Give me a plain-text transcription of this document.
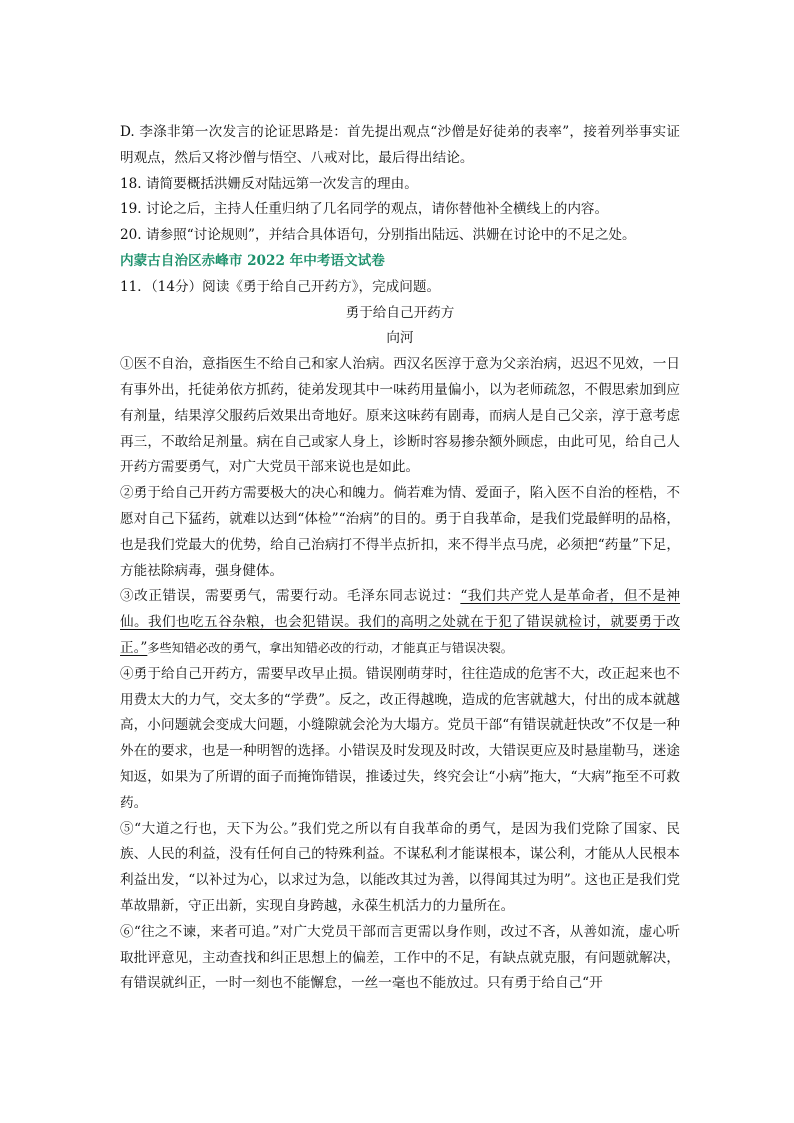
D. 李涤非第一次发言的论证思路是：首先提出观点“沙僧是好徒弟的表率”，接着列举事实证明观点，然后又将沙僧与悟空、八戒对比，最后得出结论。

18. 请简要概括洪姗反对陆远第一次发言的理由。

19. 讨论之后，主持人任重归纳了几名同学的观点，请你替他补全横线上的内容。

20. 请参照“讨论规则”，并结合具体语句，分别指出陆远、洪姗在讨论中的不足之处。

内蒙古自治区赤峰市 2022 年中考语文试卷

11．（14分）阅读《勇于给自己开药方》，完成问题。

勇于给自己开药方

向河

①医不自治，意指医生不给自己和家人治病。西汉名医淳于意为父亲治病，迟迟不见效，一日有事外出，托徒弟依方抓药，徒弟发现其中一味药用量偏小，以为老师疏忽，不假思索加到应有剂量，结果淳父服药后效果出奇地好。原来这味药有剧毒，而病人是自己父亲，淳于意考虑再三，不敢给足剂量。病在自己或家人身上，诊断时容易掺杂额外顾虑，由此可见，给自己人开药方需要勇气，对广大党员干部来说也是如此。

②勇于给自己开药方需要极大的决心和魄力。倘若难为情、爱面子，陷入医不自治的桎梏，不愿对自己下猛药，就难以达到“体检”“治病”的目的。勇于自我革命，是我们党最鲜明的品格，也是我们党最大的优势，给自己治病打不得半点折扣，来不得半点马虎，必须把“药量”下足，方能祛除病毒，强身健体。

③改正错误，需要勇气，需要行动。毛泽东同志说过：“我们共产党人是革命者，但不是神仙。我们也吃五谷杂粮，也会犯错误。我们的高明之处就在于犯了错误就检讨，就要勇于改正。”多些知错必改的勇气，拿出知错必改的行动，才能真正与错误决裂。

④勇于给自己开药方，需要早改早止损。错误刚萌芽时，往往造成的危害不大，改正起来也不用费太大的力气，交太多的“学费”。反之，改正得越晚，造成的危害就越大，付出的成本就越高，小问题就会变成大问题，小缝隙就会沦为大塌方。党员干部“有错误就赶快改”不仅是一种外在的要求，也是一种明智的选择。小错误及时发现及时改，大错误更应及时悬崖勒马，迷途知返，如果为了所谓的面子而掩饰错误，推诿过失，终究会让“小病”拖大，“大病”拖至不可救药。

⑤“大道之行也，天下为公。”我们党之所以有自我革命的勇气，是因为我们党除了国家、民族、人民的利益，没有任何自己的特殊利益。不谋私利才能谋根本，谋公利，才能从人民根本利益出发，“以补过为心，以求过为急，以能改其过为善，以得闻其过为明”。这也正是我们党革故鼎新，守正出新，实现自身跨越，永葆生机活力的力量所在。

⑥“往之不谏，来者可追。”对广大党员干部而言更需以身作则，改过不吝，从善如流，虚心听取批评意见，主动查找和纠正思想上的偏差，工作中的不足，有缺点就克服，有问题就解决，有错误就纠正，一时一刻也不能懈怠，一丝一毫也不能放过。只有勇于给自己“开
